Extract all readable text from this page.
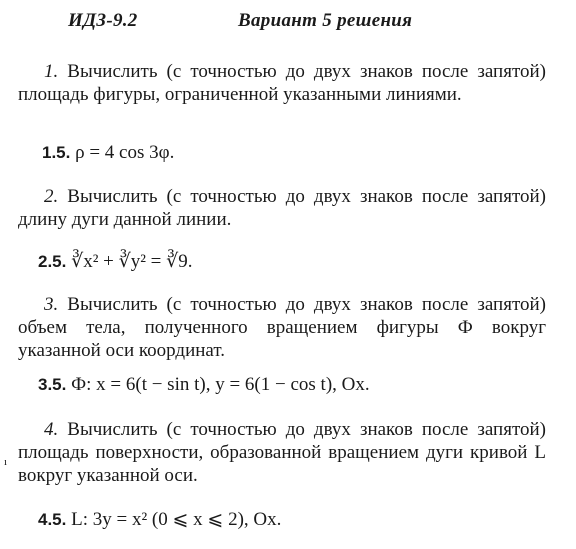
ИДЗ-9.2	Вариант 5 решения
1. Вычислить (с точностью до двух знаков после запятой) площадь фигуры, ограниченной указанными линиями.
1.5. ρ = 4 cos 3φ.
2. Вычислить (с точностью до двух знаков после запятой) длину дуги данной линии.
2.5. ∛x² + ∛y² = ∛9.
3. Вычислить (с точностью до двух знаков после запятой) объем тела, полученного вращением фигуры Ф вокруг указанной оси координат.
3.5. Ф: x = 6(t − sin t), y = 6(1 − cos t), Ox.
4. Вычислить (с точностью до двух знаков после запятой) площадь поверхности, образованной вращением дуги кривой L вокруг указанной оси.
4.5. L: 3y = x² (0 ⩽ x ⩽ 2), Ox.
ı
